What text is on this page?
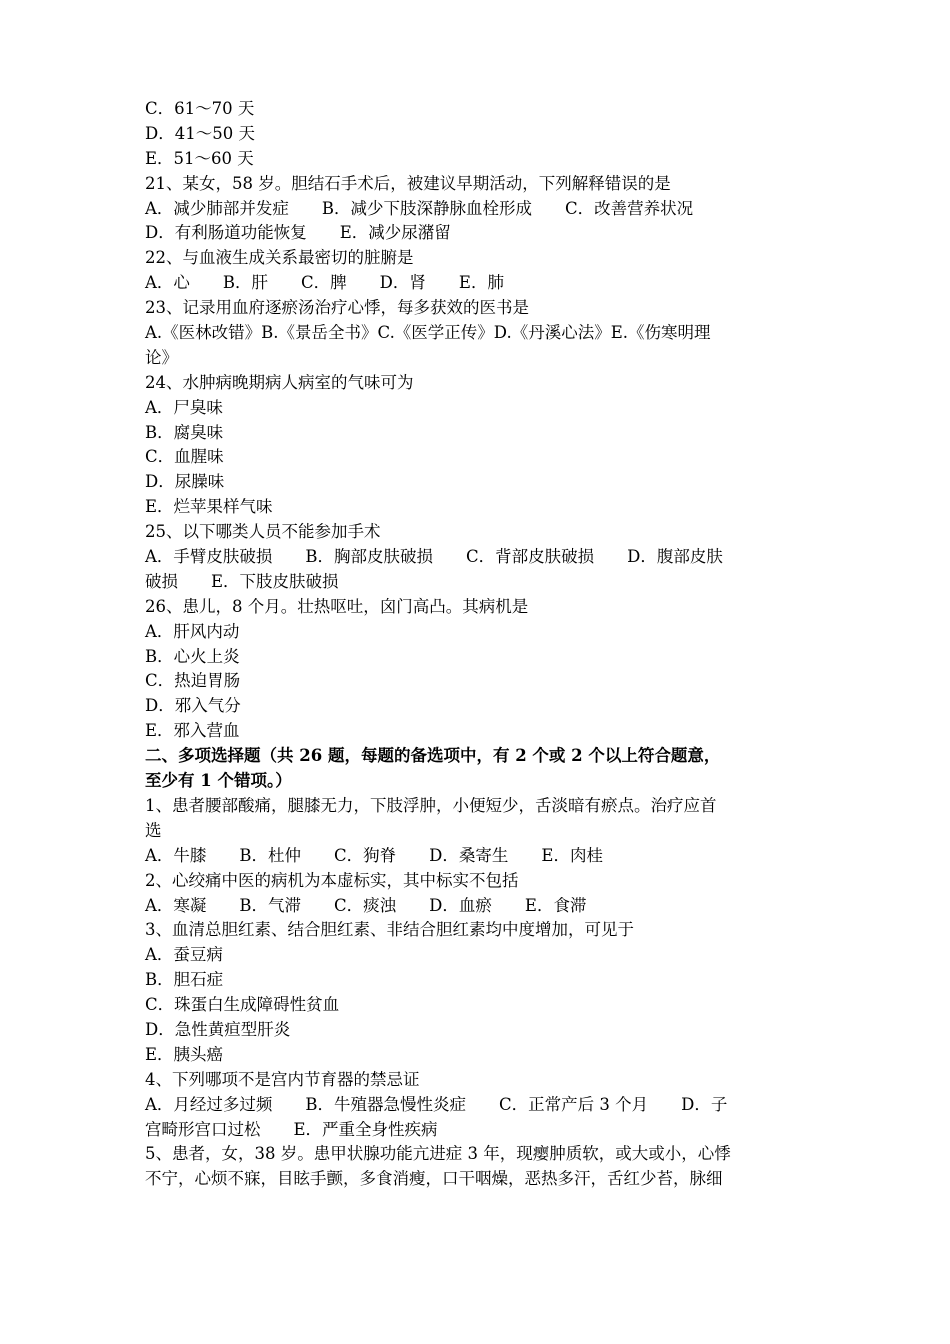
C．61～70 天
D．41～50 天
E．51～60 天
21、某女，58 岁。胆结石手术后，被建议早期活动，下列解释错误的是
A．减少肺部并发症　　B．减少下肢深静脉血栓形成　　C．改善营养状况
D．有利肠道功能恢复　　E．减少尿潴留
22、与血液生成关系最密切的脏腑是
A．心　　B．肝　　C．脾　　D．肾　　E．肺
23、记录用血府逐瘀汤治疗心悸，每多获效的医书是
A.《医林改错》B.《景岳全书》C.《医学正传》D.《丹溪心法》E.《伤寒明理
论》
24、水肿病晚期病人病室的气味可为
A．尸臭味
B．腐臭味
C．血腥味
D．尿臊味
E．烂苹果样气味
25、以下哪类人员不能参加手术
A．手臂皮肤破损　　B．胸部皮肤破损　　C．背部皮肤破损　　D．腹部皮肤
破损　　E．下肢皮肤破损
26、患儿，8 个月。壮热呕吐，囟门高凸。其病机是
A．肝风内动
B．心火上炎
C．热迫胃肠
D．邪入气分
E．邪入营血
二、多项选择题（共 26 题，每题的备选项中，有 2 个或 2 个以上符合题意，
至少有 1 个错项。）
1、患者腰部酸痛，腿膝无力，下肢浮肿，小便短少，舌淡暗有瘀点。治疗应首
选
A．牛膝　　B．杜仲　　C．狗脊　　D．桑寄生　　E．肉桂
2、心绞痛中医的病机为本虚标实，其中标实不包括
A．寒凝　　B．气滞　　C．痰浊　　D．血瘀　　E．食滞
3、血清总胆红素、结合胆红素、非结合胆红素均中度增加，可见于
A．蚕豆病
B．胆石症
C．珠蛋白生成障碍性贫血
D．急性黄疸型肝炎
E．胰头癌
4、下列哪项不是宫内节育器的禁忌证
A．月经过多过频　　B．牛殖器急慢性炎症　　C．正常产后 3 个月　　D．子
宫畸形宫口过松　　E．严重全身性疾病
5、患者，女，38 岁。患甲状腺功能亢进症 3 年，现瘿肿质软，或大或小，心悸
不宁，心烦不寐，目眩手颤，多食消瘦，口干咽燥，恶热多汗，舌红少苔，脉细
